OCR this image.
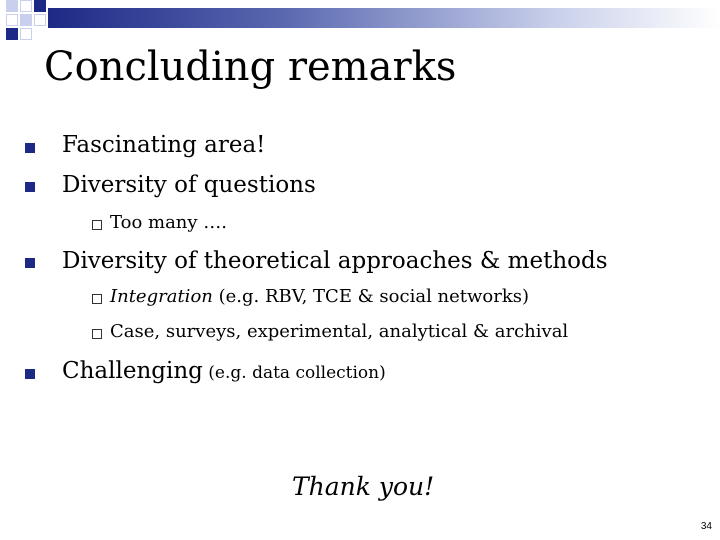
Concluding remarks
Fascinating area!
Diversity of questions
Too many ….
Diversity of theoretical approaches & methods
Integration (e.g. RBV, TCE & social networks)
Case, surveys, experimental, analytical & archival
Challenging (e.g. data collection)
Thank you!
34
